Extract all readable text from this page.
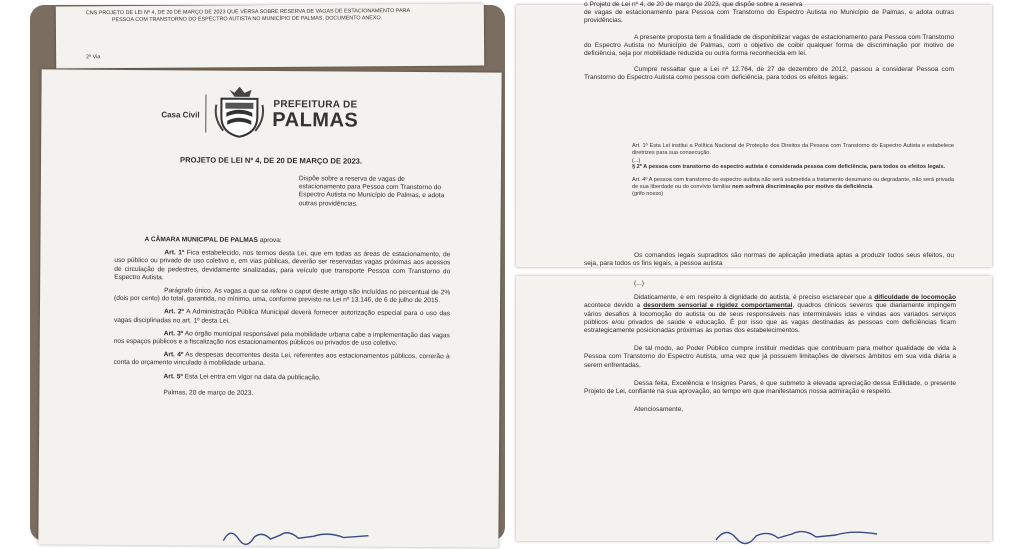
CNS PROJETO DE LEI Nº 4, DE 20 DE MARÇO DE 2023 QUE VERSA SOBRE RESERVA DE VAGAS DE ESTACIONAMENTO PARA
PESSOA COM TRANSTORNO DO ESPECTRO AUTISTA NO MUNICÍPIO DE PALMAS, DOCUMENTO ANEXO.
2ª Via
Casa Civil
PREFEITURA DE
PALMAS
PROJETO DE LEI Nº 4, DE 20 DE MARÇO DE 2023.
Dispõe sobre a reserva de vagas de estacionamento para Pessoa com Transtorno do Espectro Autista no Município de Palmas, e adota outras providências.

A CÂMARA MUNICIPAL DE PALMAS aprova:

Art. 1º Fica estabelecido, nos termos desta Lei, que em todas as áreas de estacionamento, de uso público ou privado de uso coletivo e, em vias públicas, deverão ser reservadas vagas próximas aos acessos de circulação de pedestres, devidamente sinalizadas, para veículo que transporte Pessoa com Transtorno do Espectro Autista.

Parágrafo único. As vagas a que se refere o caput deste artigo são incluídas no percentual de 2% (dois por cento) do total, garantida, no mínimo, uma, conforme previsto na Lei nº 13.146, de 6 de julho de 2015.

Art. 2º A Administração Pública Municipal deverá fornecer autorização especial para o uso das vagas disciplinadas no art. 1º desta Lei.

Art. 3º Ao órgão municipal responsável pela mobilidade urbana cabe a implementação das vagas nos espaços públicos e a fiscalização nos estacionamentos públicos ou privados de uso coletivo.

Art. 4º As despesas decorrentes desta Lei, referentes aos estacionamentos públicos, correrão à conta do orçamento vinculado à mobilidade urbana.

Art. 5º Esta Lei entra em vigor na data da publicação.

Palmas, 20 de março de 2023.

o Projeto de Lei nº 4, de 20 de março de 2023, que dispõe sobre a reserva

de vagas de estacionamento para Pessoa com Transtorno do Espectro Autista no Município de Palmas, e adota outras providências.

A presente proposta tem a finalidade de disponibilizar vagas de estacionamento para Pessoa com Transtorno do Espectro Autista no Município de Palmas, com o objetivo de coibir qualquer forma de discriminação por motivo de deficiência, seja por mobilidade reduzida ou outra forma reconhecida em lei.

Cumpre ressaltar que a Lei nº 12.764, de 27 de dezembro de 2012, passou a considerar Pessoa com Transtorno do Espectro Autista como pessoa com deficiência, para todos os efeitos legais:

Art. 1º Esta Lei institui a Política Nacional de Proteção dos Direitos da Pessoa com Transtorno do Espectro Autista e estabelece diretrizes para sua consecução.
(...)
§ 2º A pessoa com transtorno do espectro autista é considerada pessoa com deficiência, para todos os efeitos legais.
Art. 4º A pessoa com transtorno do espectro autista não será submetida a tratamento desumano ou degradante, não será privada de sua liberdade ou do convívio familiar nem sofrerá discriminação por motivo da deficiência
(grifo nosso)
Os comandos legais supraditos são normas de aplicação imediata aptas a produzir todos seus efeitos, ou seja, para todos os fins legais, a pessoa autista

(...)

Didaticamente, e em respeito à dignidade do autista, é preciso esclarecer que a dificuldade de locomoção acontece devido a desordem sensorial e rigidez comportamental, quadros clínicos severos que diariamente impingem vários desafios à locomoção do autista ou de seus responsáveis nas intermináveis idas e vindas aos variados serviços públicos e/ou privados de saúde e educação. É por isso que as vagas destinadas às pessoas com deficiências ficam estrategicamente posicionadas próximas às portas dos estabelecimentos.

De tal modo, ao Poder Público cumpre instituir medidas que contribuam para melhor qualidade de vida à Pessoa com Transtorno do Espectro Autista, uma vez que já possuem limitações de diversos âmbitos em sua vida diária a serem enfrentadas.

Dessa feita, Excelência e Insignes Pares, é que submeto à elevada apreciação dessa Edilidade, o presente Projeto de Lei, confiante na sua aprovação, ao tempo em que manifestamos nossa admiração e respeito.

Atenciosamente,
